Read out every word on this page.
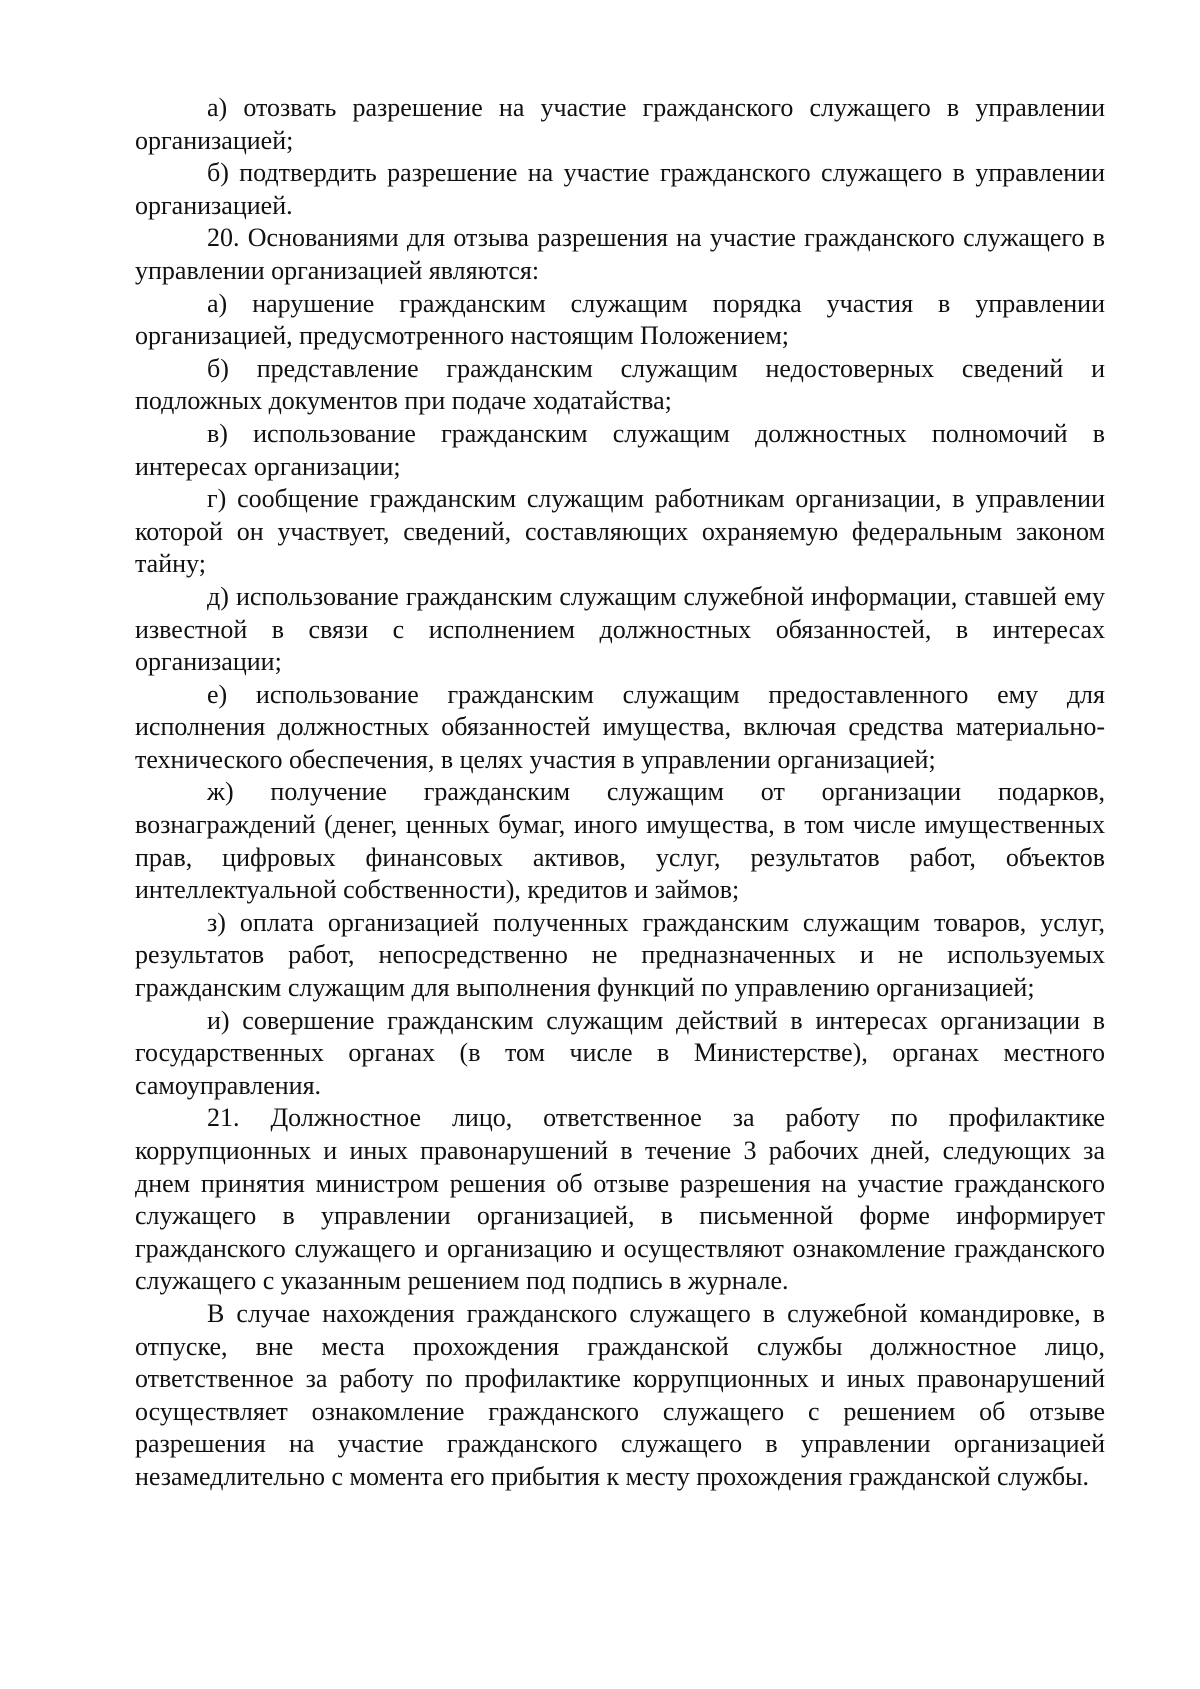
а) отозвать разрешение на участие гражданского служащего в управлении организацией;

б) подтвердить разрешение на участие гражданского служащего в управлении организацией.

20. Основаниями для отзыва разрешения на участие гражданского служащего в управлении организацией являются:

а) нарушение гражданским служащим порядка участия в управлении организацией, предусмотренного настоящим Положением;

б) представление гражданским служащим недостоверных сведений и подложных документов при подаче ходатайства;

в) использование гражданским служащим должностных полномочий в интересах организации;

г) сообщение гражданским служащим работникам организации, в управлении которой он участвует, сведений, составляющих охраняемую федеральным законом тайну;

д) использование гражданским служащим служебной информации, ставшей ему известной в связи с исполнением должностных обязанностей, в интересах организации;

е) использование гражданским служащим предоставленного ему для исполнения должностных обязанностей имущества, включая средства материально-технического обеспечения, в целях участия в управлении организацией;

ж) получение гражданским служащим от организации подарков, вознаграждений (денег, ценных бумаг, иного имущества, в том числе имущественных прав, цифровых финансовых активов, услуг, результатов работ, объектов интеллектуальной собственности), кредитов и займов;

з) оплата организацией полученных гражданским служащим товаров, услуг, результатов работ, непосредственно не предназначенных и не используемых гражданским служащим для выполнения функций по управлению организацией;

и) совершение гражданским служащим действий в интересах организации в государственных органах (в том числе в Министерстве), органах местного самоуправления.

21. Должностное лицо, ответственное за работу по профилактике коррупционных и иных правонарушений в течение 3 рабочих дней, следующих за днем принятия министром решения об отзыве разрешения на участие гражданского служащего в управлении организацией, в письменной форме информирует гражданского служащего и организацию и осуществляют ознакомление гражданского служащего с указанным решением под подпись в журнале.

В случае нахождения гражданского служащего в служебной командировке, в отпуске, вне места прохождения гражданской службы должностное лицо, ответственное за работу по профилактике коррупционных и иных правонарушений осуществляет ознакомление гражданского служащего с решением об отзыве разрешения на участие гражданского служащего в управлении организацией незамедлительно с момента его прибытия к месту прохождения гражданской службы.
